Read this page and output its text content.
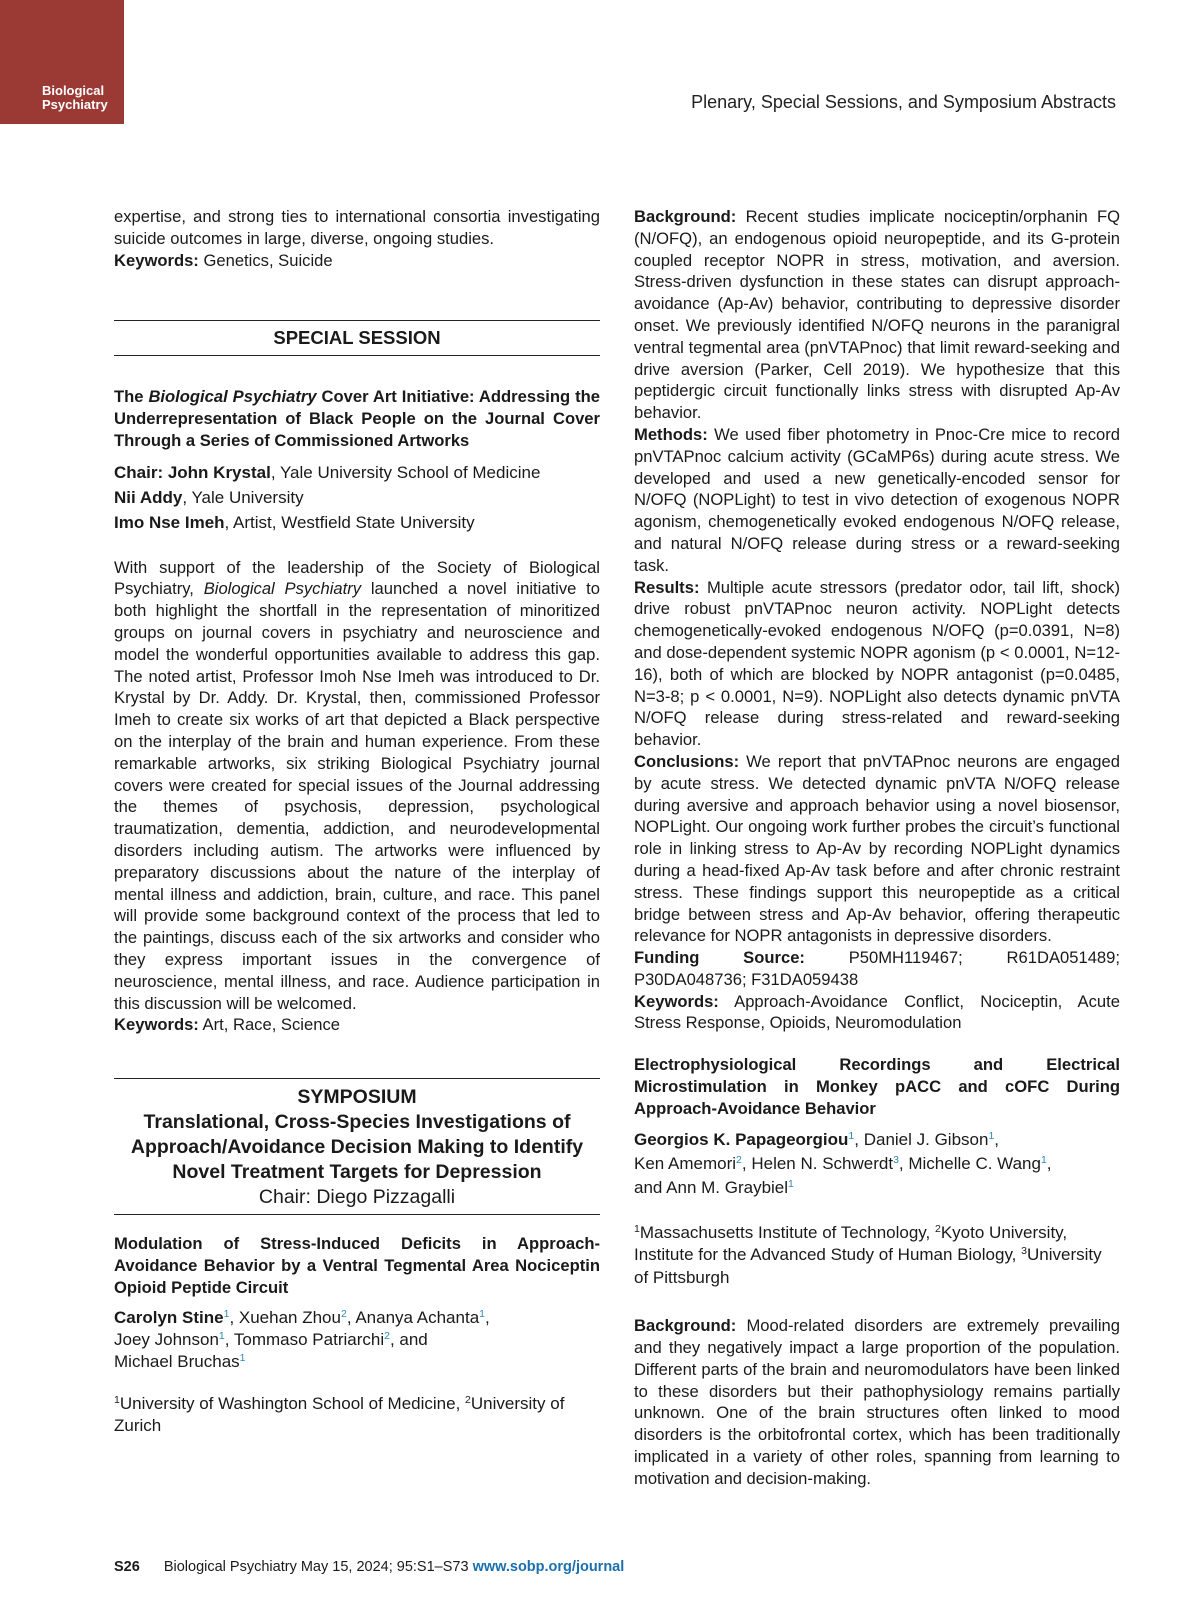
Biological
Psychiatry	Plenary, Special Sessions, and Symposium Abstracts

expertise, and strong ties to international consortia investigating suicide outcomes in large, diverse, ongoing studies.

Keywords: Genetics, Suicide

SPECIAL SESSION

The Biological Psychiatry Cover Art Initiative: Addressing the Underrepresentation of Black People on the Journal Cover Through a Series of Commissioned Artworks

Chair: John Krystal, Yale University School of Medicine
Nii Addy, Yale University
Imo Nse Imeh, Artist, Westfield State University

With support of the leadership of the Society of Biological Psychiatry, Biological Psychiatry launched a novel initiative to both highlight the shortfall in the representation of minoritized groups on journal covers in psychiatry and neuroscience and model the wonderful opportunities available to address this gap. The noted artist, Professor Imoh Nse Imeh was introduced to Dr. Krystal by Dr. Addy. Dr. Krystal, then, commissioned Professor Imeh to create six works of art that depicted a Black perspective on the interplay of the brain and human experience. From these remarkable artworks, six striking Biological Psychiatry journal covers were created for special issues of the Journal addressing the themes of psychosis, depression, psychological traumatization, dementia, addiction, and neurodevelopmental disorders including autism. The artworks were influenced by preparatory discussions about the nature of the interplay of mental illness and addiction, brain, culture, and race. This panel will provide some background context of the process that led to the paintings, discuss each of the six artworks and consider who they express important issues in the convergence of neuroscience, mental illness, and race. Audience participation in this discussion will be welcomed.

Keywords: Art, Race, Science

SYMPOSIUM
Translational, Cross-Species Investigations of Approach/Avoidance Decision Making to Identify Novel Treatment Targets for Depression
Chair: Diego Pizzagalli

Modulation of Stress-Induced Deficits in Approach-Avoidance Behavior by a Ventral Tegmental Area Nociceptin Opioid Peptide Circuit

Carolyn Stine$^1$, Xuehan Zhou$^2$, Ananya Achanta$^1$,
Joey Johnson$^1$, Tommaso Patriarchi$^2$, and
Michael Bruchas$^1$

$^1$University of Washington School of Medicine, $^2$University of Zurich

Background: Recent studies implicate nociceptin/orphanin FQ (N/OFQ), an endogenous opioid neuropeptide, and its G-protein coupled receptor NOPR in stress, motivation, and aversion. Stress-driven dysfunction in these states can disrupt approach-avoidance (Ap-Av) behavior, contributing to depressive disorder onset. We previously identified N/OFQ neurons in the paranigral ventral tegmental area (pnVTAPnoc) that limit reward-seeking and drive aversion (Parker, Cell 2019). We hypothesize that this peptidergic circuit functionally links stress with disrupted Ap-Av behavior.

Methods: We used fiber photometry in Pnoc-Cre mice to record pnVTAPnoc calcium activity (GCaMP6s) during acute stress. We developed and used a new genetically-encoded sensor for N/OFQ (NOPLight) to test in vivo detection of exogenous NOPR agonism, chemogenetically evoked endogenous N/OFQ release, and natural N/OFQ release during stress or a reward-seeking task.

Results: Multiple acute stressors (predator odor, tail lift, shock) drive robust pnVTAPnoc neuron activity. NOPLight detects chemogenetically-evoked endogenous N/OFQ (p=0.0391, N=8) and dose-dependent systemic NOPR agonism (p < 0.0001, N=12-16), both of which are blocked by NOPR antagonist (p=0.0485, N=3-8; p < 0.0001, N=9). NOPLight also detects dynamic pnVTA N/OFQ release during stress-related and reward-seeking behavior.

Conclusions: We report that pnVTAPnoc neurons are engaged by acute stress. We detected dynamic pnVTA N/OFQ release during aversive and approach behavior using a novel biosensor, NOPLight. Our ongoing work further probes the circuit’s functional role in linking stress to Ap-Av by recording NOPLight dynamics during a head-fixed Ap-Av task before and after chronic restraint stress. These findings support this neuropeptide as a critical bridge between stress and Ap-Av behavior, offering therapeutic relevance for NOPR antagonists in depressive disorders.

Funding	Source:	P50MH119467;	R61DA051489;

P30DA048736; F31DA059438

Keywords: Approach-Avoidance Conflict, Nociceptin, Acute Stress Response, Opioids, Neuromodulation

Electrophysiological Recordings and Electrical Microstimulation in Monkey pACC and cOFC During Approach-Avoidance Behavior

Georgios K. Papageorgiou$^1$, Daniel J. Gibson$^1$,
Ken Amemori$^2$, Helen N. Schwerdt$^3$, Michelle C. Wang$^1$,
and Ann M. Graybiel$^1$

$^1$Massachusetts Institute of Technology, $^2$Kyoto University, Institute for the Advanced Study of Human Biology, $^3$University of Pittsburgh

Background: Mood-related disorders are extremely prevailing and they negatively impact a large proportion of the population. Different parts of the brain and neuromodulators have been linked to these disorders but their pathophysiology remains partially unknown. One of the brain structures often linked to mood disorders is the orbitofrontal cortex, which has been traditionally implicated in a variety of other roles, spanning from learning to motivation and decision-making.

S26 Biological Psychiatry May 15, 2024; 95:S1–S73 www.sobp.org/journal
